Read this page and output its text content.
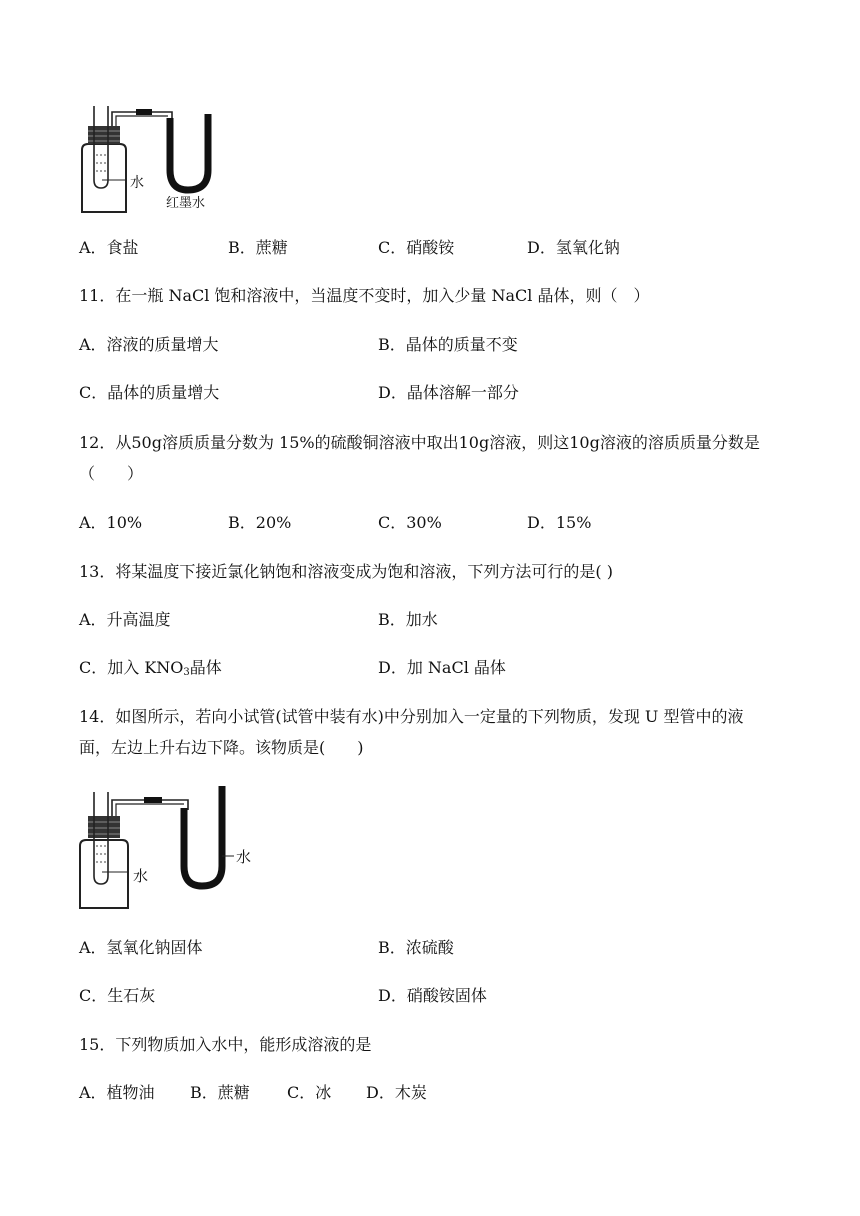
水
红墨水
A．食盐	B．蔗糖	C．硝酸铵	D．氢氧化钠
11．在一瓶 NaCl 饱和溶液中，当温度不变时，加入少量 NaCl 晶体，则（　）
A．溶液的质量增大	B．晶体的质量不变
C．晶体的质量增大	D．晶体溶解一部分
12．从50g溶质质量分数为 15%的硫酸铜溶液中取出10g溶液，则这10g溶液的溶质质量分数是
（　　）
A．10%	B．20%	C．30%	D．15%
13．将某温度下接近氯化钠饱和溶液变成为饱和溶液，下列方法可行的是( )
A．升高温度	B．加水
C．加入 $KNO_3$晶体	D．加 NaCl 晶体
14．如图所示，若向小试管(试管中装有水)中分别加入一定量的下列物质，发现 U 型管中的液
面，左边上升右边下降。该物质是(　　)
水
水
A．氢氧化钠固体	B．浓硫酸
C．生石灰	D．硝酸铵固体
15．下列物质加入水中，能形成溶液的是
A．植物油 B．蔗糖 C．冰 D．木炭
